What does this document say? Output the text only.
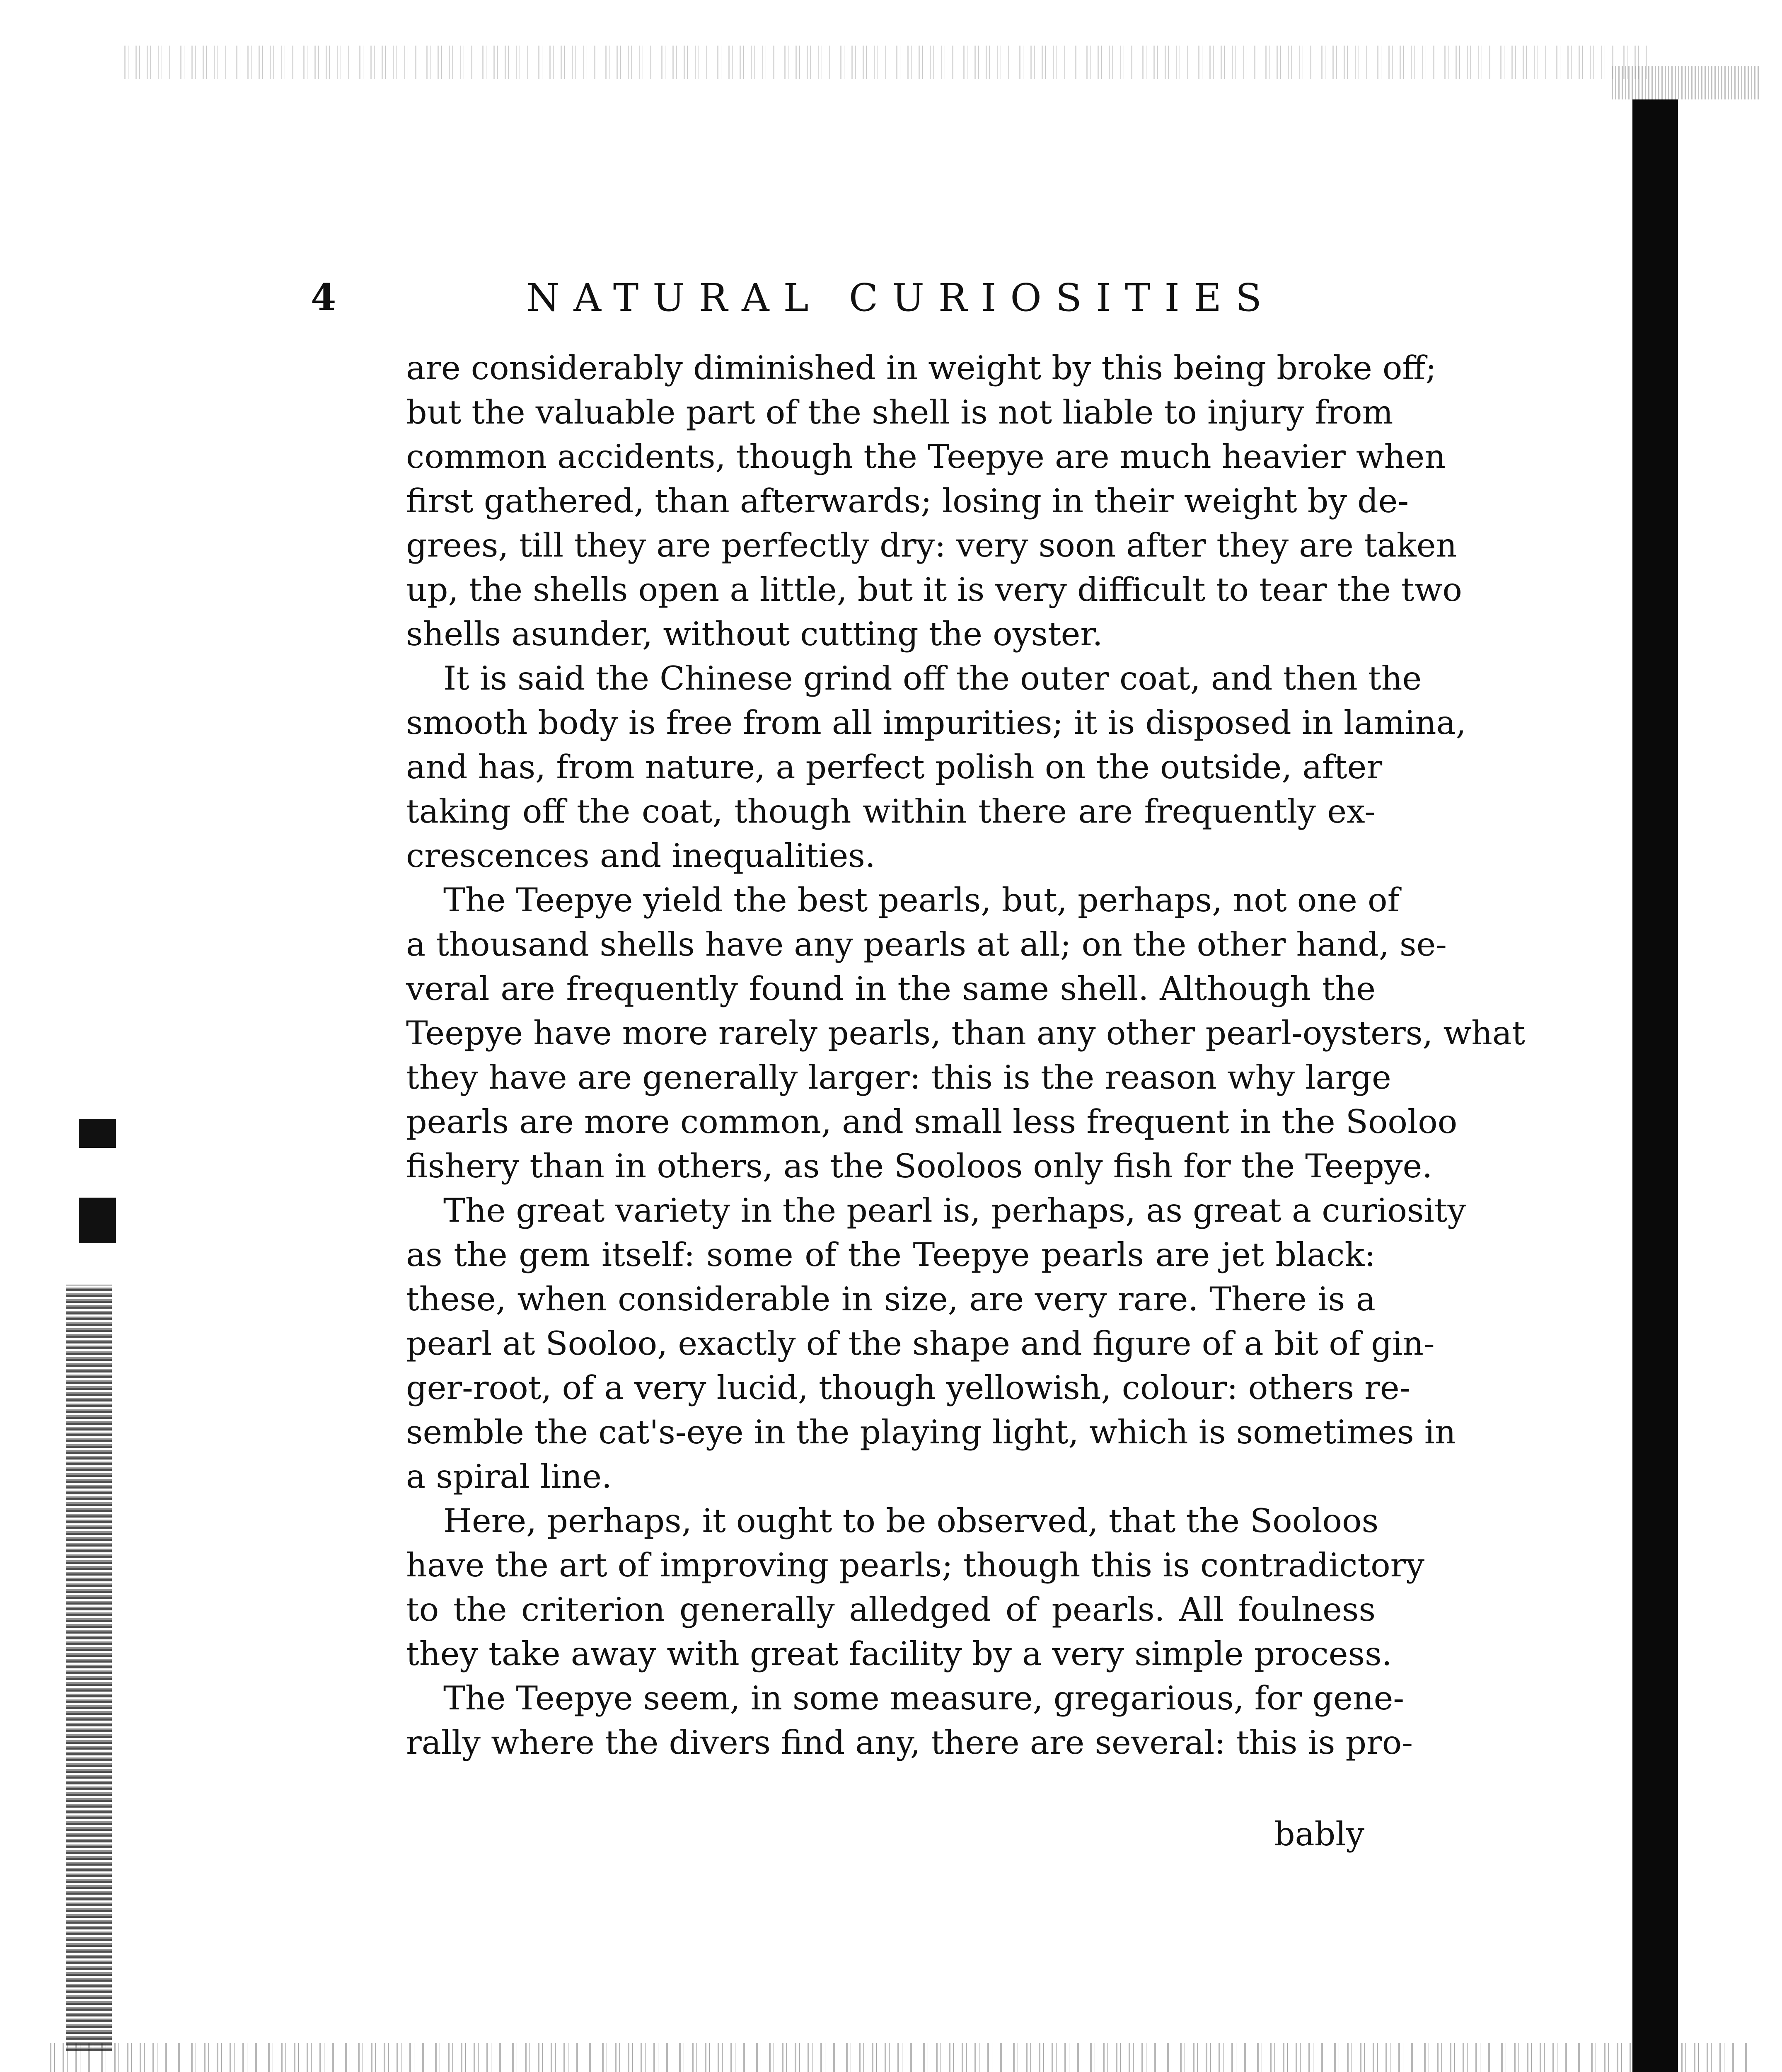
4	NATURAL CURIOSITIES
are considerably diminished in weight by this being broke off;
but the valuable part of the shell is not liable to injury from
common accidents, though the Teepye are much heavier when
first gathered, than afterwards; losing in their weight by de-
grees, till they are perfectly dry: very soon after they are taken
up, the shells open a little, but it is very difficult to tear the two
shells asunder, without cutting the oyster.
It is said the Chinese grind off the outer coat, and then the
smooth body is free from all impurities; it is disposed in lamina,
and has, from nature, a perfect polish on the outside, after
taking off the coat, though within there are frequently ex-
crescences and inequalities.
The Teepye yield the best pearls, but, perhaps, not one of
a thousand shells have any pearls at all; on the other hand, se-
veral are frequently found in the same shell. Although the
Teepye have more rarely pearls, than any other pearl-oysters, what
they have are generally larger: this is the reason why large
pearls are more common, and small less frequent in the Sooloo
fishery than in others, as the Sooloos only fish for the Teepye.
The great variety in the pearl is, perhaps, as great a curiosity
as the gem itself: some of the Teepye pearls are jet black:
these, when considerable in size, are very rare. There is a
pearl at Sooloo, exactly of the shape and figure of a bit of gin-
ger-root, of a very lucid, though yellowish, colour: others re-
semble the cat's-eye in the playing light, which is sometimes in
a spiral line.
Here, perhaps, it ought to be observed, that the Sooloos
have the art of improving pearls; though this is contradictory
to the criterion generally alledged of pearls. All foulness
they take away with great facility by a very simple process.
The Teepye seem, in some measure, gregarious, for gene-
rally where the divers find any, there are several: this is pro-
bably
